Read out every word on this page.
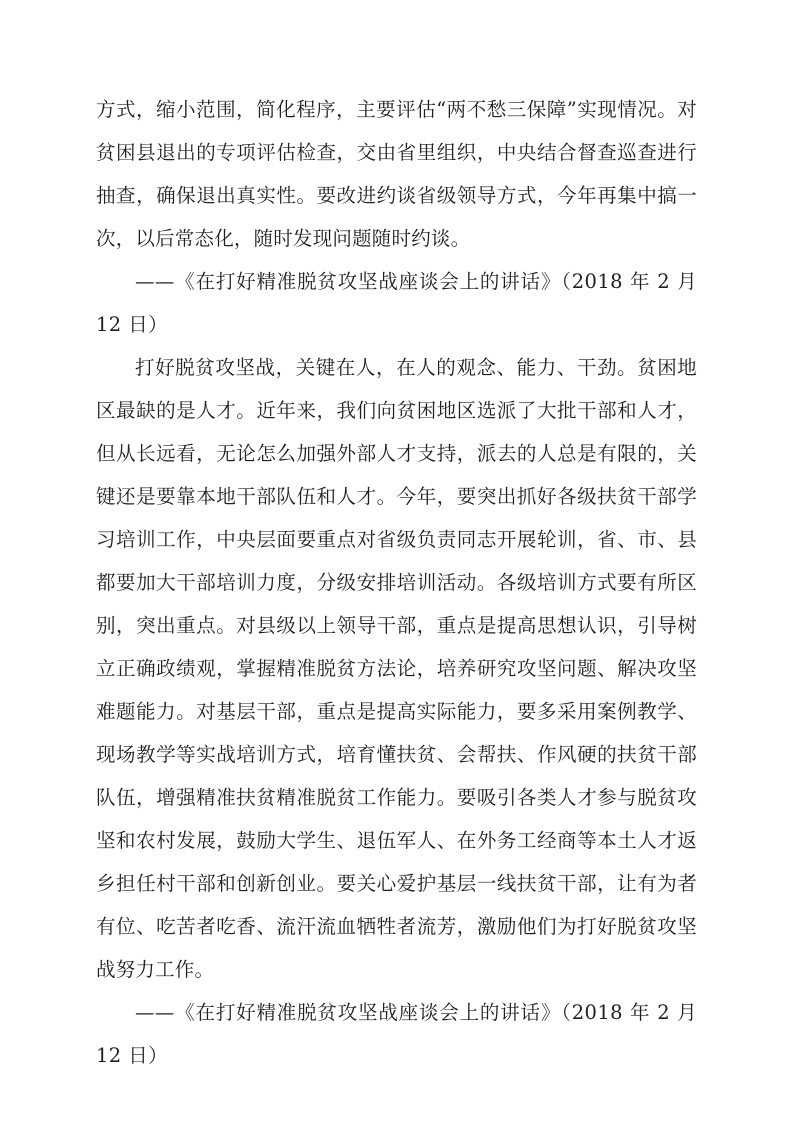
方式，缩小范围，简化程序，主要评估“两不愁三保障”实现情况。对贫困县退出的专项评估检查，交由省里组织，中央结合督查巡查进行抽查，确保退出真实性。要改进约谈省级领导方式，今年再集中搞一次，以后常态化，随时发现问题随时约谈。

——《在打好精准脱贫攻坚战座谈会上的讲话》（2018 年 2 月 12 日）

打好脱贫攻坚战，关键在人，在人的观念、能力、干劲。贫困地区最缺的是人才。近年来，我们向贫困地区选派了大批干部和人才，但从长远看，无论怎么加强外部人才支持，派去的人总是有限的，关键还是要靠本地干部队伍和人才。今年，要突出抓好各级扶贫干部学习培训工作，中央层面要重点对省级负责同志开展轮训，省、市、县都要加大干部培训力度，分级安排培训活动。各级培训方式要有所区别，突出重点。对县级以上领导干部，重点是提高思想认识，引导树立正确政绩观，掌握精准脱贫方法论，培养研究攻坚问题、解决攻坚难题能力。对基层干部，重点是提高实际能力，要多采用案例教学、现场教学等实战培训方式，培育懂扶贫、会帮扶、作风硬的扶贫干部队伍，增强精准扶贫精准脱贫工作能力。要吸引各类人才参与脱贫攻坚和农村发展，鼓励大学生、退伍军人、在外务工经商等本土人才返乡担任村干部和创新创业。要关心爱护基层一线扶贫干部，让有为者有位、吃苦者吃香、流汗流血牺牲者流芳，激励他们为打好脱贫攻坚战努力工作。

——《在打好精准脱贫攻坚战座谈会上的讲话》（2018 年 2 月 12 日）
